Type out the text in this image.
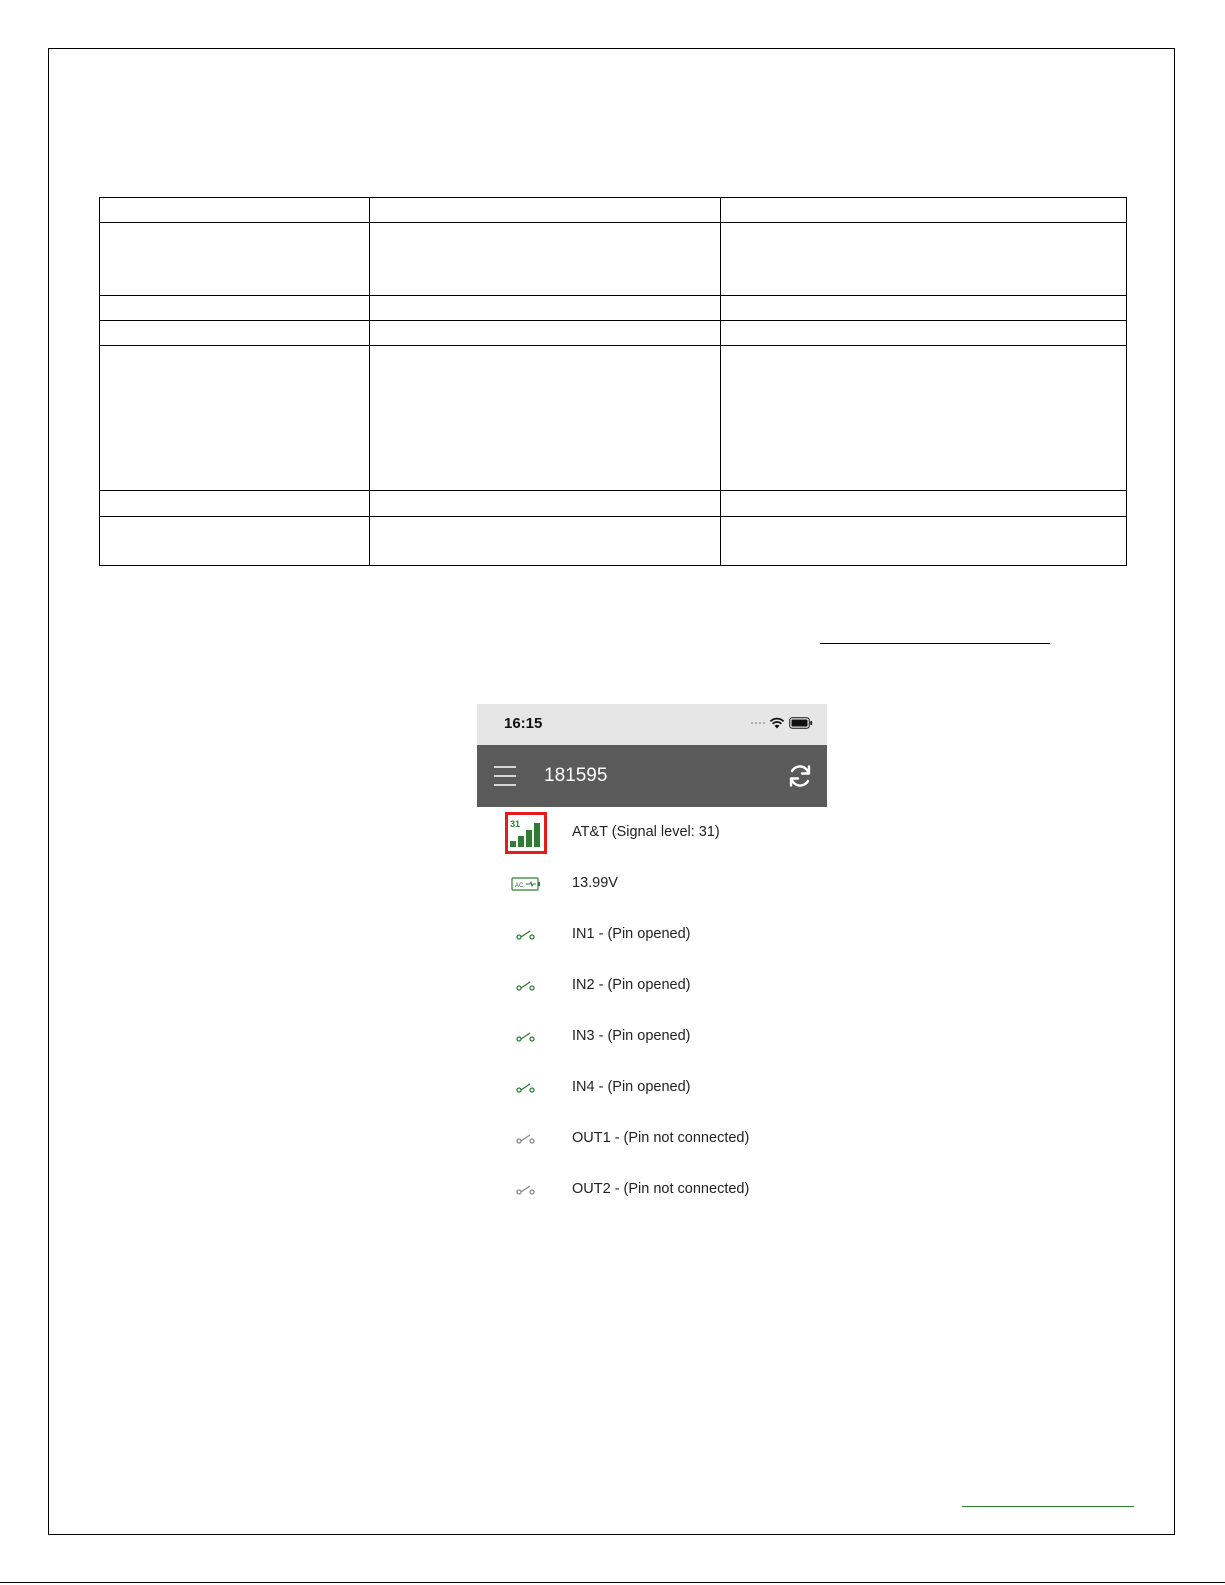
16:15
181595
31	AT&T (Signal level: 31)
AC	13.99V
IN1 - (Pin opened)
IN2 - (Pin opened)
IN3 - (Pin opened)
IN4 - (Pin opened)
OUT1 - (Pin not connected)
OUT2 - (Pin not connected)
